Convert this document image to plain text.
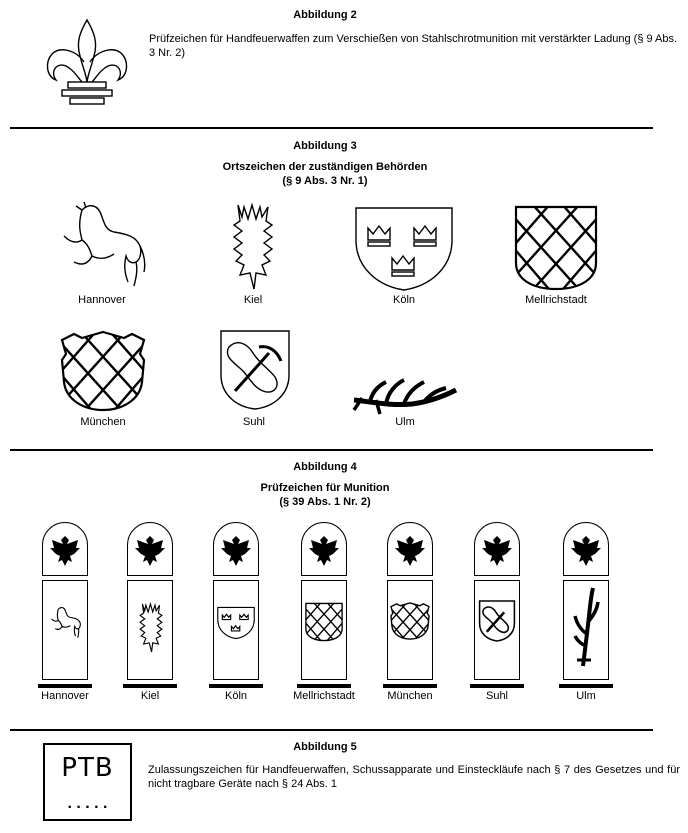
Abbildung 2
Prüfzeichen für Handfeuerwaffen zum Verschießen von Stahlschrotmunition mit verstärkter Ladung (§ 9 Abs. 3 Nr. 2)
Abbildung 3
Ortszeichen der zuständigen Behörden
(§ 9 Abs. 3 Nr. 1)
Hannover	Kiel	Köln	Mellrichstadt
München	Suhl	Ulm
Abbildung 4
Prüfzeichen für Munition
(§ 39 Abs. 1 Nr. 2)
Hannover	Kiel	Köln	Mellrichstadt	München	Suhl	Ulm
Abbildung 5
PTB
. . . . .
Zulassungszeichen für Handfeuerwaffen, Schussapparate und Einsteckläufe nach § 7 des Gesetzes und für nicht tragbare Geräte nach § 24 Abs. 1
